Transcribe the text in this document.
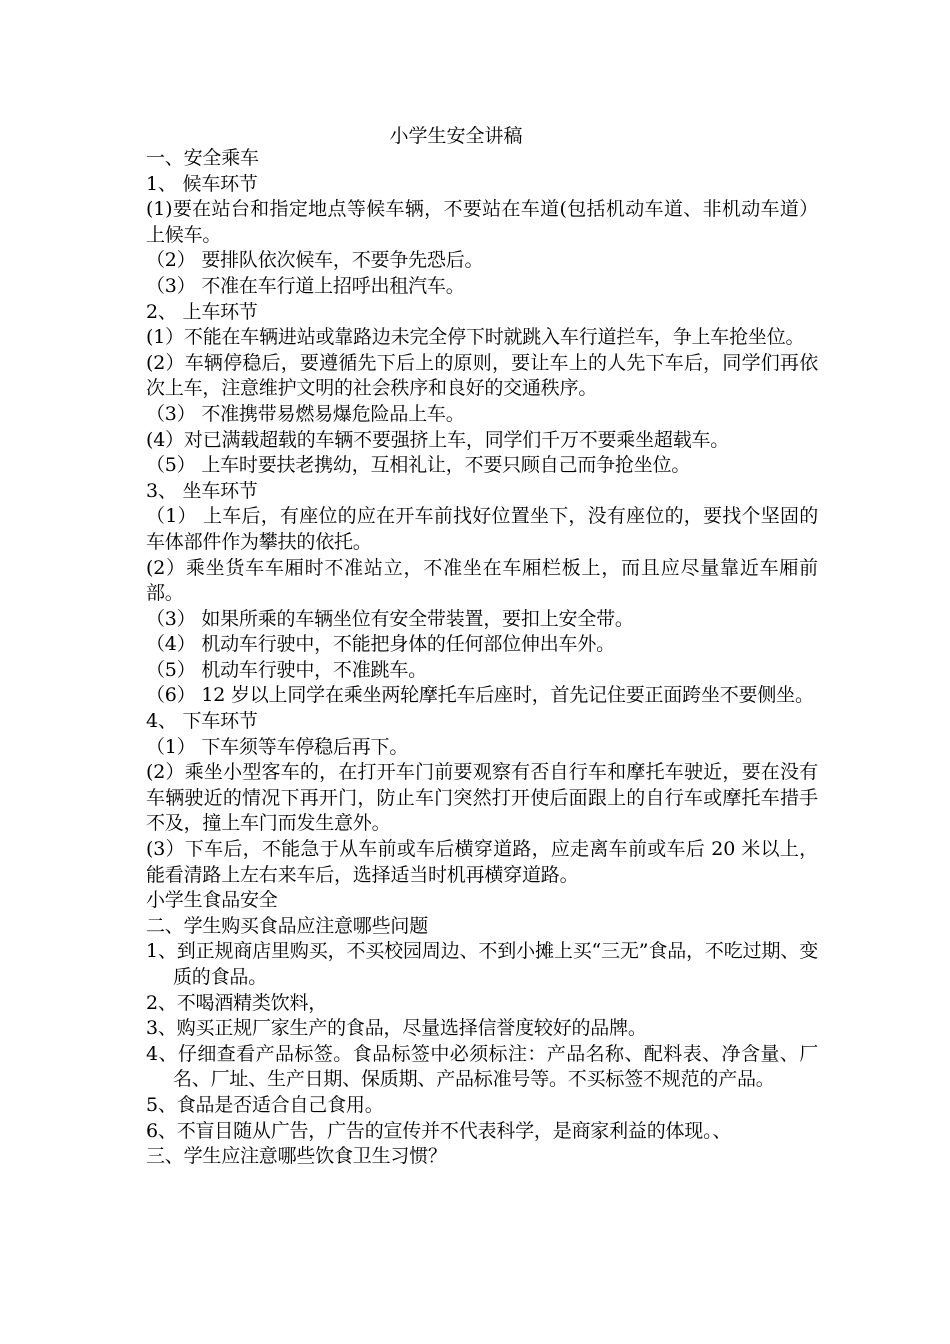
小学生安全讲稿
一、安全乘车
1、 候车环节
(1)要在站台和指定地点等候车辆，不要站在车道(包括机动车道、非机动车道）上候车。
（2） 要排队依次候车，不要争先恐后。
（3） 不准在车行道上招呼出租汽车。
2、 上车环节
(1）不能在车辆进站或靠路边未完全停下时就跳入车行道拦车，争上车抢坐位。
(2）车辆停稳后，要遵循先下后上的原则，要让车上的人先下车后，同学们再依次上车，注意维护文明的社会秩序和良好的交通秩序。
（3） 不准携带易燃易爆危险品上车。
(4）对已满载超载的车辆不要强挤上车，同学们千万不要乘坐超载车。
（5） 上车时要扶老携幼，互相礼让，不要只顾自己而争抢坐位。
3、 坐车环节
（1） 上车后，有座位的应在开车前找好位置坐下，没有座位的，要找个坚固的车体部件作为攀扶的依托。
(2）乘坐货车车厢时不准站立，不准坐在车厢栏板上，而且应尽量靠近车厢前部。
（3） 如果所乘的车辆坐位有安全带装置，要扣上安全带。
（4） 机动车行驶中，不能把身体的任何部位伸出车外。
（5） 机动车行驶中，不准跳车。
（6） 12 岁以上同学在乘坐两轮摩托车后座时，首先记住要正面跨坐不要侧坐。
4、 下车环节
（1） 下车须等车停稳后再下。
(2）乘坐小型客车的，在打开车门前要观察有否自行车和摩托车驶近，要在没有车辆驶近的情况下再开门，防止车门突然打开使后面跟上的自行车或摩托车措手不及，撞上车门而发生意外。
(3）下车后，不能急于从车前或车后横穿道路，应走离车前或车后 20 米以上，能看清路上左右来车后，选择适当时机再横穿道路。
小学生食品安全
二、学生购买食品应注意哪些问题
1、到正规商店里购买，不买校园周边、不到小摊上买“三无”食品，不吃过期、变质的食品。
2、不喝酒精类饮料，
3、购买正规厂家生产的食品，尽量选择信誉度较好的品牌。
4、仔细查看产品标签。食品标签中必须标注：产品名称、配料表、净含量、厂名、厂址、生产日期、保质期、产品标准号等。不买标签不规范的产品。
5、食品是否适合自己食用。
6、不盲目随从广告，广告的宣传并不代表科学，是商家利益的体现。、
三、学生应注意哪些饮食卫生习惯？
